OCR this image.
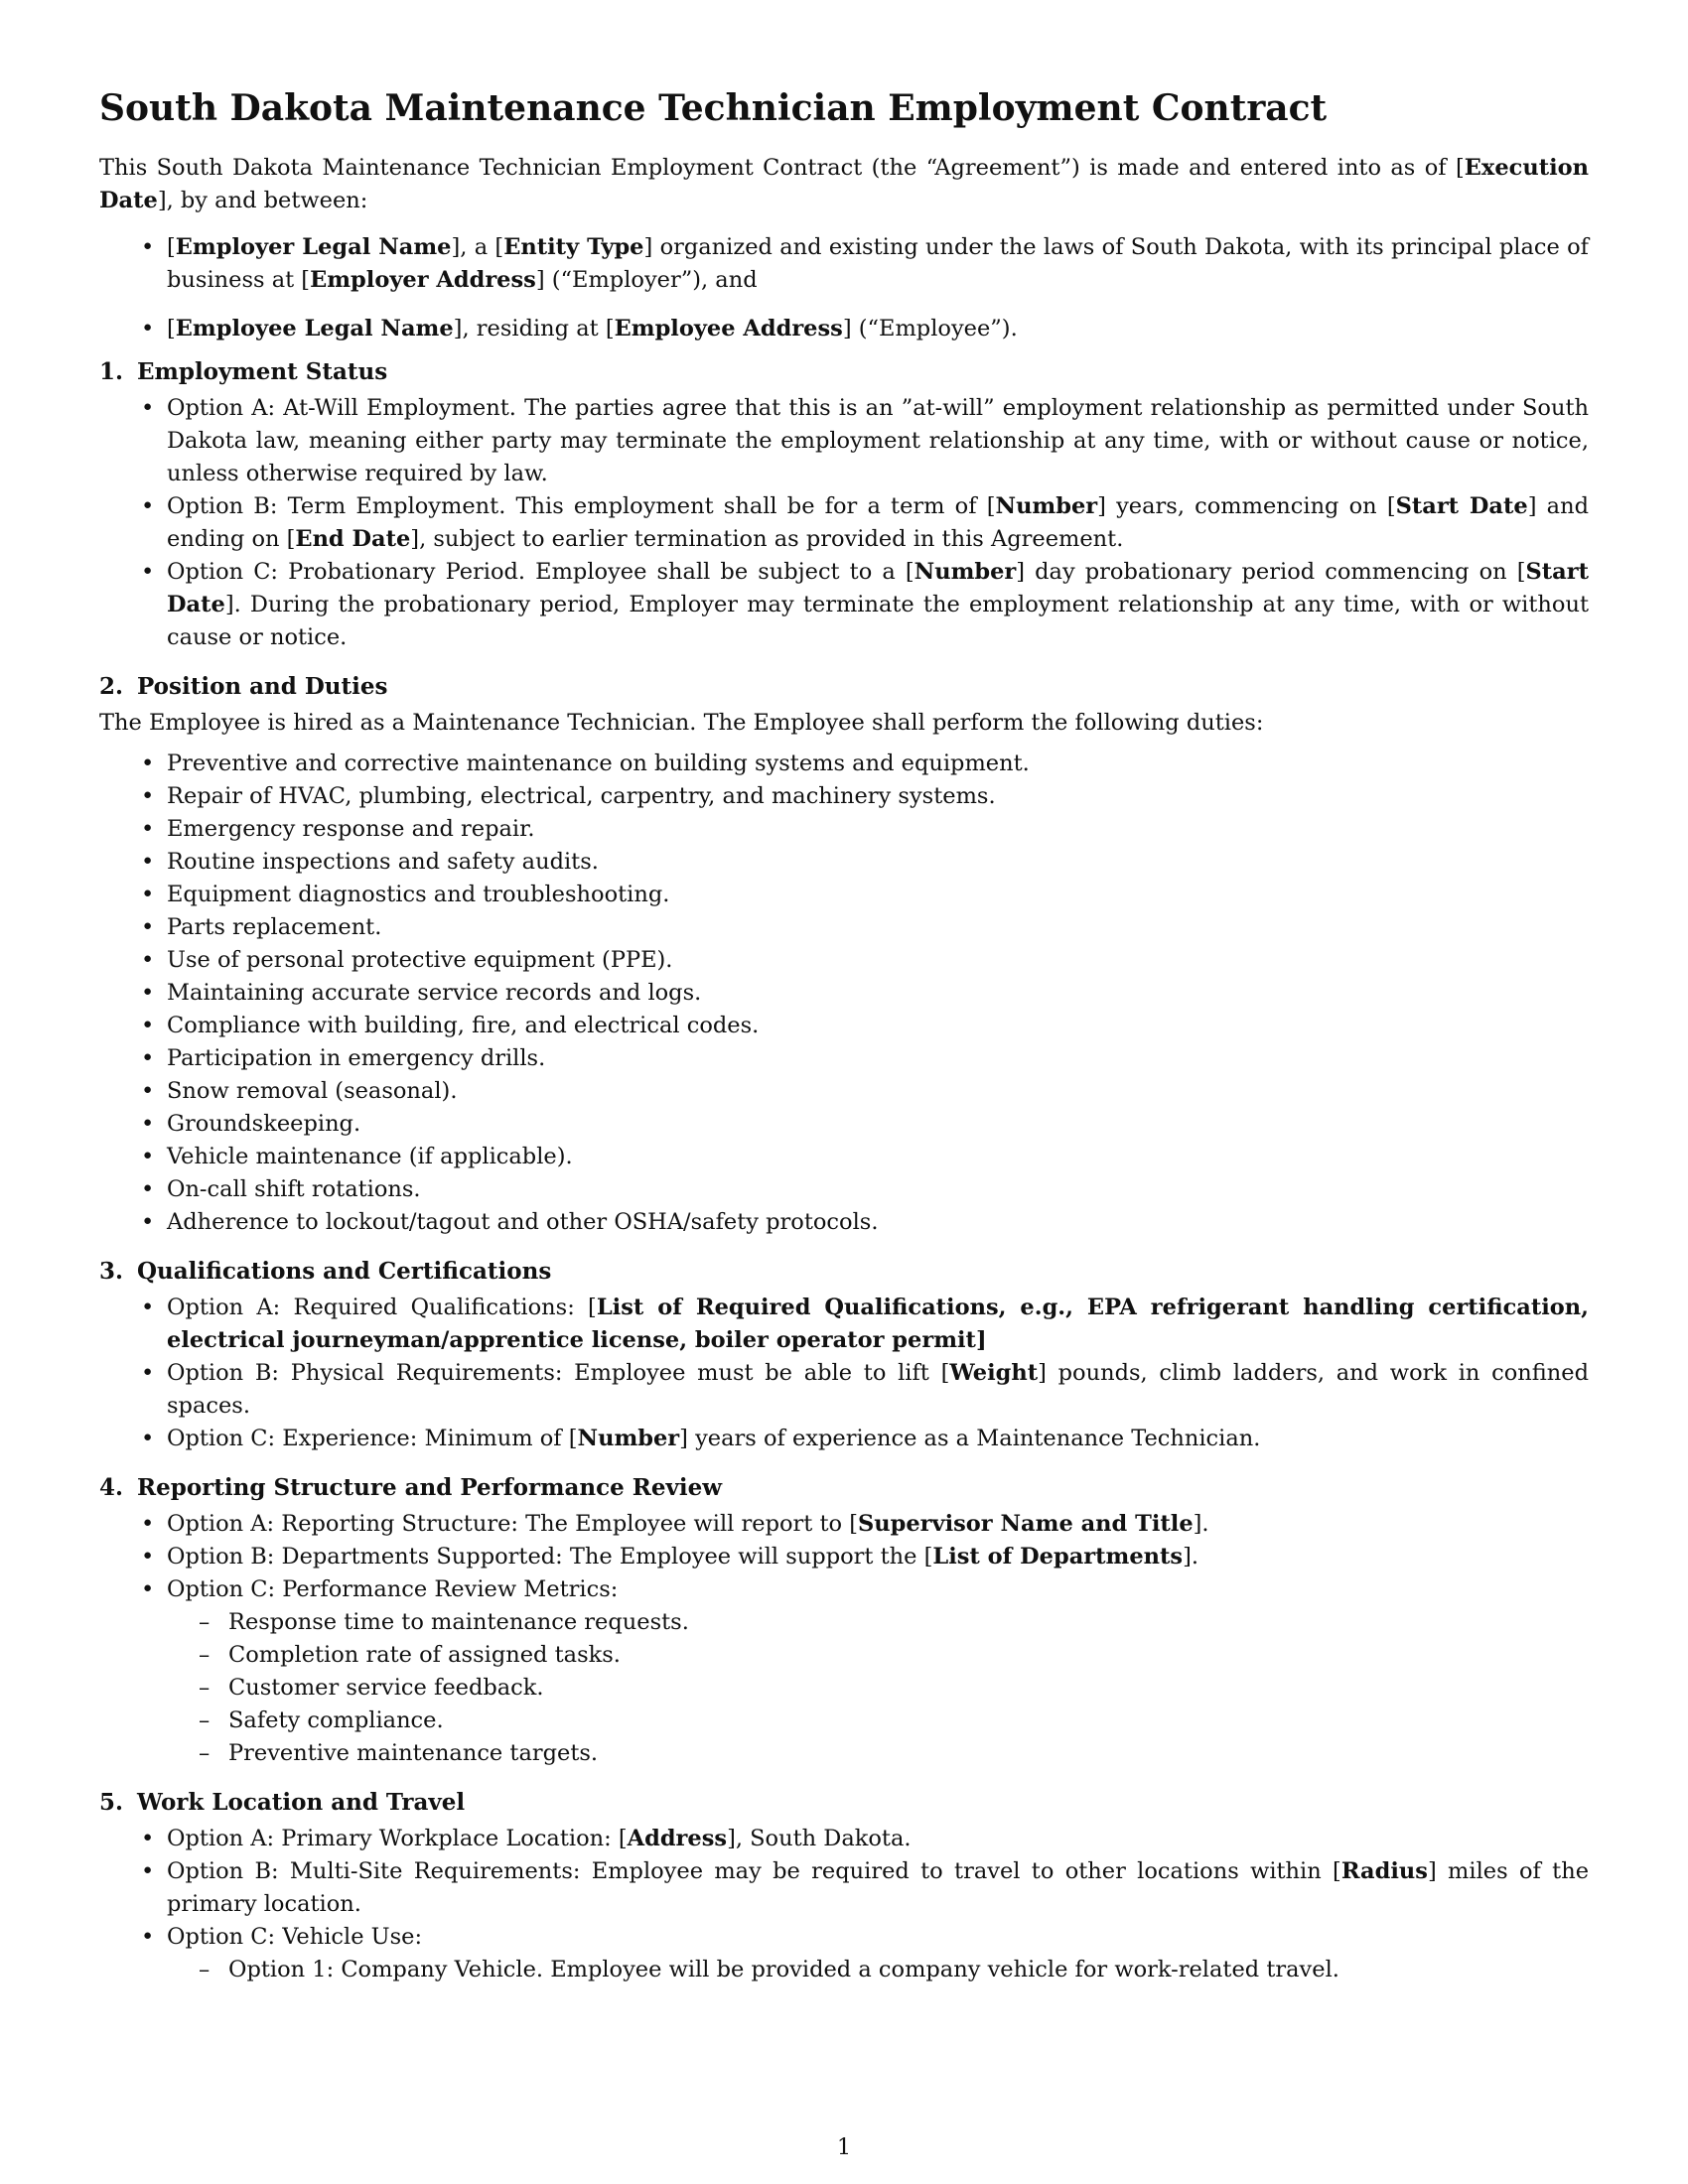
South Dakota Maintenance Technician Employment Contract

This South Dakota Maintenance Technician Employment Contract (the “Agreement”) is made and entered into as of [Execution Date], by and between:

• [Employer Legal Name], a [Entity Type] organized and existing under the laws of South Dakota, with its principal place of business at [Employer Address] (“Employer”), and
• [Employee Legal Name], residing at [Employee Address] (“Employee”).
1. Employment Status
• Option A: At-Will Employment. The parties agree that this is an ”at-will” employment relationship as permitted under South Dakota law, meaning either party may terminate the employment relationship at any time, with or without cause or notice, unless otherwise required by law.
• Option B: Term Employment. This employment shall be for a term of [Number] years, commencing on [Start Date] and ending on [End Date], subject to earlier termination as provided in this Agreement.
• Option C: Probationary Period. Employee shall be subject to a [Number] day probationary period commencing on [Start Date]. During the probationary period, Employer may terminate the employment relationship at any time, with or without cause or notice.
2. Position and Duties

The Employee is hired as a Maintenance Technician. The Employee shall perform the following duties:

• Preventive and corrective maintenance on building systems and equipment.
• Repair of HVAC, plumbing, electrical, carpentry, and machinery systems.
• Emergency response and repair.
• Routine inspections and safety audits.
• Equipment diagnostics and troubleshooting.
• Parts replacement.
• Use of personal protective equipment (PPE).
• Maintaining accurate service records and logs.
• Compliance with building, fire, and electrical codes.
• Participation in emergency drills.
• Snow removal (seasonal).
• Groundskeeping.
• Vehicle maintenance (if applicable).
• On-call shift rotations.
• Adherence to lockout/tagout and other OSHA/safety protocols.
3. Qualifications and Certifications
• Option A: Required Qualifications: [List of Required Qualifications, e.g., EPA refrigerant handling certification, electrical journeyman/apprentice license, boiler operator permit]
• Option B: Physical Requirements: Employee must be able to lift [Weight] pounds, climb ladders, and work in confined spaces.
• Option C: Experience: Minimum of [Number] years of experience as a Maintenance Technician.
4. Reporting Structure and Performance Review
• Option A: Reporting Structure: The Employee will report to [Supervisor Name and Title].
• Option B: Departments Supported: The Employee will support the [List of Departments].
• Option C: Performance Review Metrics:
– Response time to maintenance requests.
– Completion rate of assigned tasks.
– Customer service feedback.
– Safety compliance.
– Preventive maintenance targets.
5. Work Location and Travel
• Option A: Primary Workplace Location: [Address], South Dakota.
• Option B: Multi-Site Requirements: Employee may be required to travel to other locations within [Radius] miles of the primary location.
• Option C: Vehicle Use:
– Option 1: Company Vehicle. Employee will be provided a company vehicle for work-related travel.
1
